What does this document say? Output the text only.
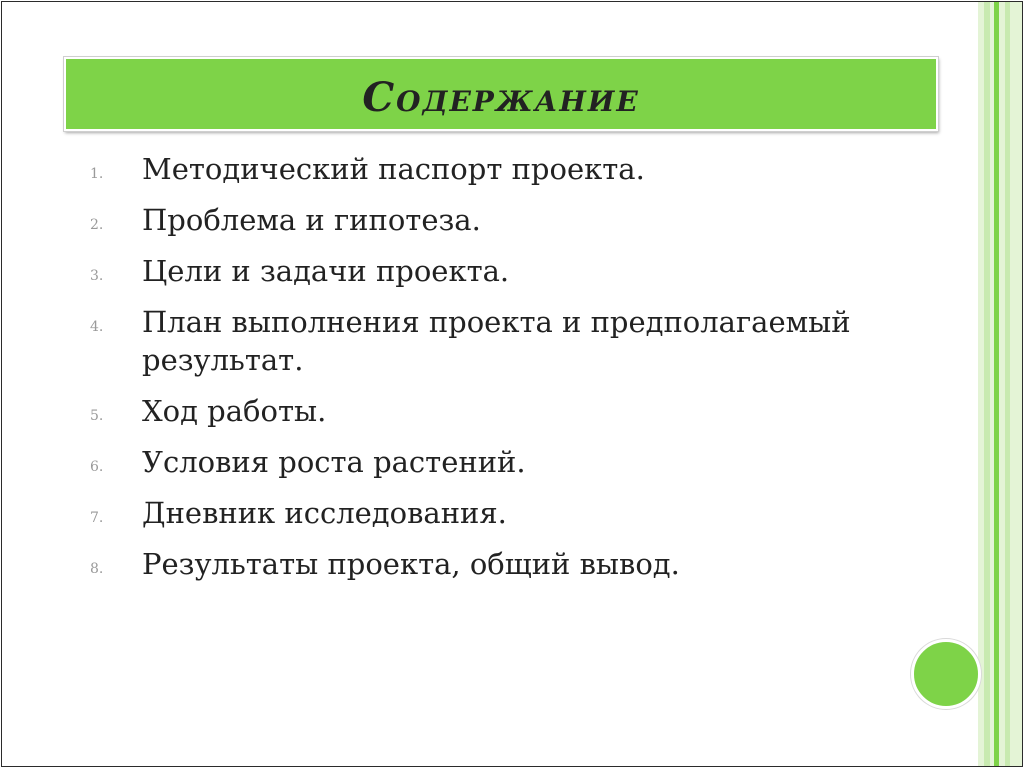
Содержание
1.	Методический паспорт проекта.
2.	Проблема и гипотеза.
3.	Цели и задачи проекта.
4.	План выполнения проекта и предполагаемый результат.
5.	Ход работы.
6.	Условия роста растений.
7.	Дневник исследования.
8.	Результаты проекта, общий вывод.
